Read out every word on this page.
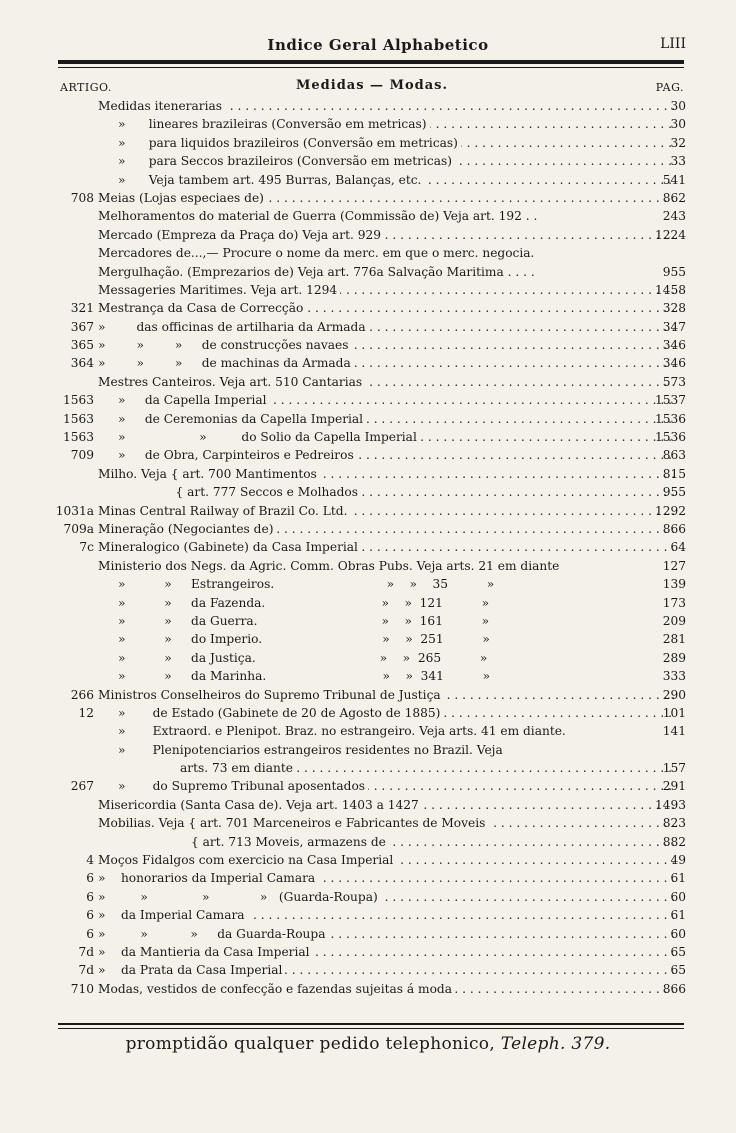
Indice Geral Alphabetico	LIII
ARTIGO.	Medidas — Modas.	PAG.
Medidas itenerarias . . .	30
»      lineares brazileiras (Conversão em metricas) . . .	30
»      para liquidos brazileiros (Conversão em metricas) . . .	32
»      para Seccos brazileiros (Conversão em metricas) . . .	33
»      Veja tambem art. 495 Burras, Balanças, etc. . . .	541
708 Meias (Lojas especiaes de) . . .	862
Melhoramentos do material de Guerra (Commissão de) Veja art. 192 . .	243
Mercado (Empreza da Praça do) Veja art. 929 . . .	1224
Mercadores de...,— Procure o nome da merc. em que o merc. negocia.
Mergulhação. (Emprezarios de) Veja art. 776a Salvação Maritima . . . .	955
Messageries Maritimes. Veja art. 1294 . . .	1458
321 Mestrança da Casa de Correcção . . .	328
367 »        das officinas de artilharia da Armada . . .	347
365 »        »        »     de construcções navaes . . .	346
364 »        »        »     de machinas da Armada . . .	346
Mestres Canteiros. Veja art. 510 Cantarias . . .	573
1563 »     da Capella Imperial . . .	1537
1563 »     de Ceremonias da Capella Imperial . . .	1536
1563 »                   »         do Solio da Capella Imperial . . .	1536
709 »     de Obra, Carpinteiros e Pedreiros . . .	863
Milho. Veja { art. 700 Mantimentos . . .	815
{ art. 777 Seccos e Molhados . . .	955
1031a Minas Central Railway of Brazil Co. Ltd. . . .	1292
709a Mineração (Negociantes de) . . .	866
7c Mineralogico (Gabinete) da Casa Imperial . . .	64
Ministerio dos Negs. da Agric. Comm. Obras Pubs. Veja arts. 21 em diante	127
»          »     Estrangeiros.                             »    »    35          »	139
»          »     da Fazenda.                              »    »  121          »	173
»          »     da Guerra.                                »    »  161          »	209
»          »     do Imperio.                               »    »  251          »	281
»          »     da Justiça.                                »    »  265          »	289
»          »     da Marinha.                              »    »  341          »	333
266 Ministros Conselheiros do Supremo Tribunal de Justiça . . .	290
12 »       de Estado (Gabinete de 20 de Agosto de 1885) . . .	101
»       Extraord. e Plenipot. Braz. no estrangeiro. Veja arts. 41 em diante.	141
»       Plenipotenciarios estrangeiros residentes no Brazil. Veja
arts. 73 em diante . . .	157
267 »       do Supremo Tribunal aposentados . . .	291
Misericordia (Santa Casa de). Veja art. 1403 a 1427 . . .	1493
Mobilias. Veja { art. 701 Marceneiros e Fabricantes de Moveis . . .	823
{ art. 713 Moveis, armazens de . . .	882
4 Moços Fidalgos com exercicio na Casa Imperial . . .	49
6 »    honorarios da Imperial Camara . . .	61
6 »         »              »             »   (Guarda-Roupa) . . .	60
6 »    da Imperial Camara . . .	61
6 »         »           »     da Guarda-Roupa . . .	60
7d »    da Mantieria da Casa Imperial . . .	65
7d »    da Prata da Casa Imperial . . .	65
710 Modas, vestidos de confecção e fazendas sujeitas á moda . . .	866
promptidão qualquer pedido telephonico, Teleph. 379.
